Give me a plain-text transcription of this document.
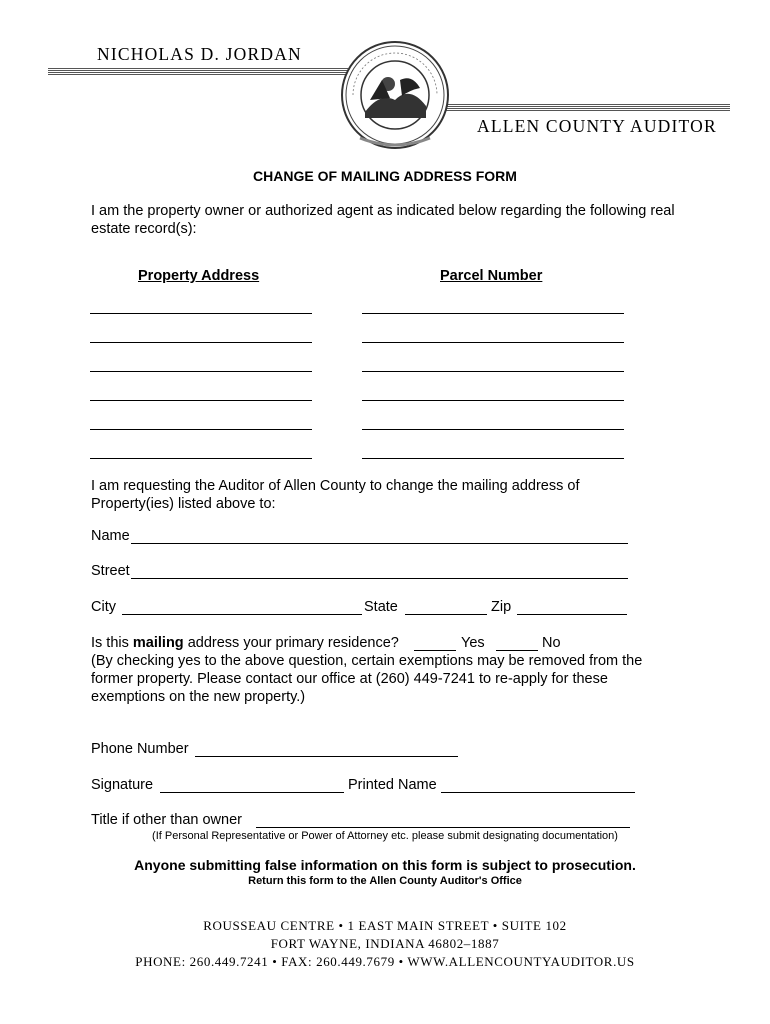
NICHOLAS D. JORDAN
ALLEN COUNTY AUDITOR
CHANGE OF MAILING ADDRESS FORM
I am the property owner or authorized agent as indicated below regarding the following real estate record(s):
Property Address	Parcel Number
I am requesting the Auditor of Allen County to change the mailing address of Property(ies) listed above to:
Name
Street
City	State	Zip
Is this mailing address your primary residence?	Yes	No
(By checking yes to the above question, certain exemptions may be removed from the former property. Please contact our office at (260) 449-7241 to re-apply for these exemptions on the new property.)
Phone Number
Signature	Printed Name
Title if other than owner
(If Personal Representative or Power of Attorney etc. please submit designating documentation)
Anyone submitting false information on this form is subject to prosecution.
Return this form to the Allen County Auditor's Office
ROUSSEAU CENTRE • 1 EAST MAIN STREET • SUITE 102
FORT WAYNE, INDIANA 46802–1887
PHONE: 260.449.7241 • FAX: 260.449.7679 • WWW.ALLENCOUNTYAUDITOR.US
